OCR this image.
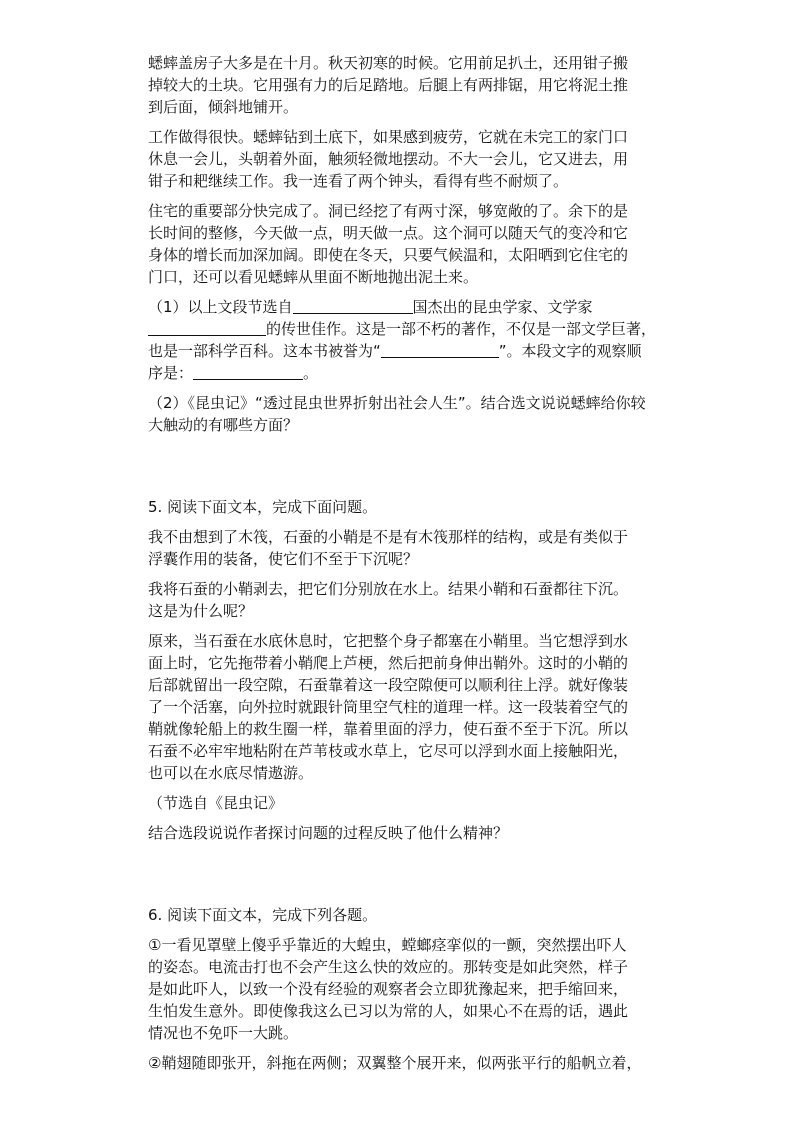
蟋蟀盖房子大多是在十月。秋天初寒的时候。它用前足扒土，还用钳子搬
掉较大的土块。它用强有力的后足踏地。后腿上有两排锯，用它将泥土推
到后面，倾斜地铺开。
工作做得很快。蟋蟀钻到土底下，如果感到疲劳，它就在未完工的家门口
休息一会儿，头朝着外面，触须轻微地摆动。不大一会儿，它又进去，用
钳子和耙继续工作。我一连看了两个钟头，看得有些不耐烦了。
住宅的重要部分快完成了。洞已经挖了有两寸深，够宽敞的了。余下的是
长时间的整修，今天做一点，明天做一点。这个洞可以随天气的变冷和它
身体的增长而加深加阔。即使在冬天，只要气候温和，太阳晒到它住宅的
门口，还可以看见蟋蟀从里面不断地抛出泥土来。
（1）以上文段节选自	国杰出的昆虫学家、文学家
的传世佳作。这是一部不朽的著作，不仅是一部文学巨著，
也是一部科学百科。这本书被誉为“	”。本段文字的观察顺
序是：	。
（2）《昆虫记》“透过昆虫世界折射出社会人生”。结合选文说说蟋蟀给你较
大触动的有哪些方面？
5. 阅读下面文本，完成下面问题。
我不由想到了木筏，石蚕的小鞘是不是有木筏那样的结构，或是有类似于
浮囊作用的装备，使它们不至于下沉呢？
我将石蚕的小鞘剥去，把它们分别放在水上。结果小鞘和石蚕都往下沉。
这是为什么呢？
原来，当石蚕在水底休息时，它把整个身子都塞在小鞘里。当它想浮到水
面上时，它先拖带着小鞘爬上芦梗，然后把前身伸出鞘外。这时的小鞘的
后部就留出一段空隙，石蚕靠着这一段空隙便可以顺利往上浮。就好像装
了一个活塞，向外拉时就跟针筒里空气柱的道理一样。这一段装着空气的
鞘就像轮船上的救生圈一样，靠着里面的浮力，使石蚕不至于下沉。所以
石蚕不必牢牢地粘附在芦苇枝或水草上，它尽可以浮到水面上接触阳光，
也可以在水底尽情遨游。
（节选自《昆虫记》
结合选段说说作者探讨问题的过程反映了他什么精神？
6. 阅读下面文本，完成下列各题。
①一看见罩壁上傻乎乎靠近的大蝗虫，螳螂痉挛似的一颤，突然摆出吓人
的姿态。电流击打也不会产生这么快的效应的。那转变是如此突然，样子
是如此吓人，以致一个没有经验的观察者会立即犹豫起来，把手缩回来，
生怕发生意外。即使像我这么已习以为常的人，如果心不在焉的话，遇此
情况也不免吓一大跳。
②鞘翅随即张开，斜拖在两侧；双翼整个展开来，似两张平行的船帆立着，
